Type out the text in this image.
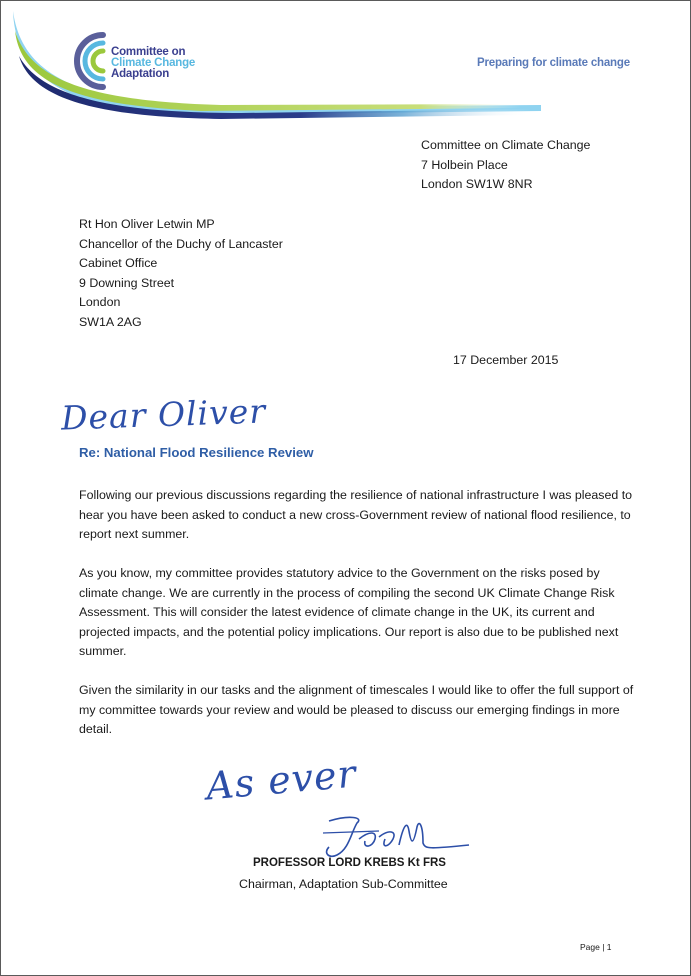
Committee on
Climate Change
Adaptation
Preparing for climate change
Committee on Climate Change
7 Holbein Place
London SW1W 8NR
Rt Hon Oliver Letwin MP
Chancellor of the Duchy of Lancaster
Cabinet Office
9 Downing Street
London
SW1A 2AG
17 December 2015
Dear Oliver
Re: National Flood Resilience Review

Following our previous discussions regarding the resilience of national infrastructure I was pleased to hear you have been asked to conduct a new cross-Government review of national flood resilience, to report next summer.

As you know, my committee provides statutory advice to the Government on the risks posed by climate change. We are currently in the process of compiling the second UK Climate Change Risk Assessment. This will consider the latest evidence of climate change in the UK, its current and projected impacts, and the potential policy implications. Our report is also due to be published next summer.

Given the similarity in our tasks and the alignment of timescales I would like to offer the full support of my committee towards your review and would be pleased to discuss our emerging findings in more detail.

As ever
PROFESSOR LORD KREBS Kt FRS
Chairman, Adaptation Sub-Committee
Page | 1
